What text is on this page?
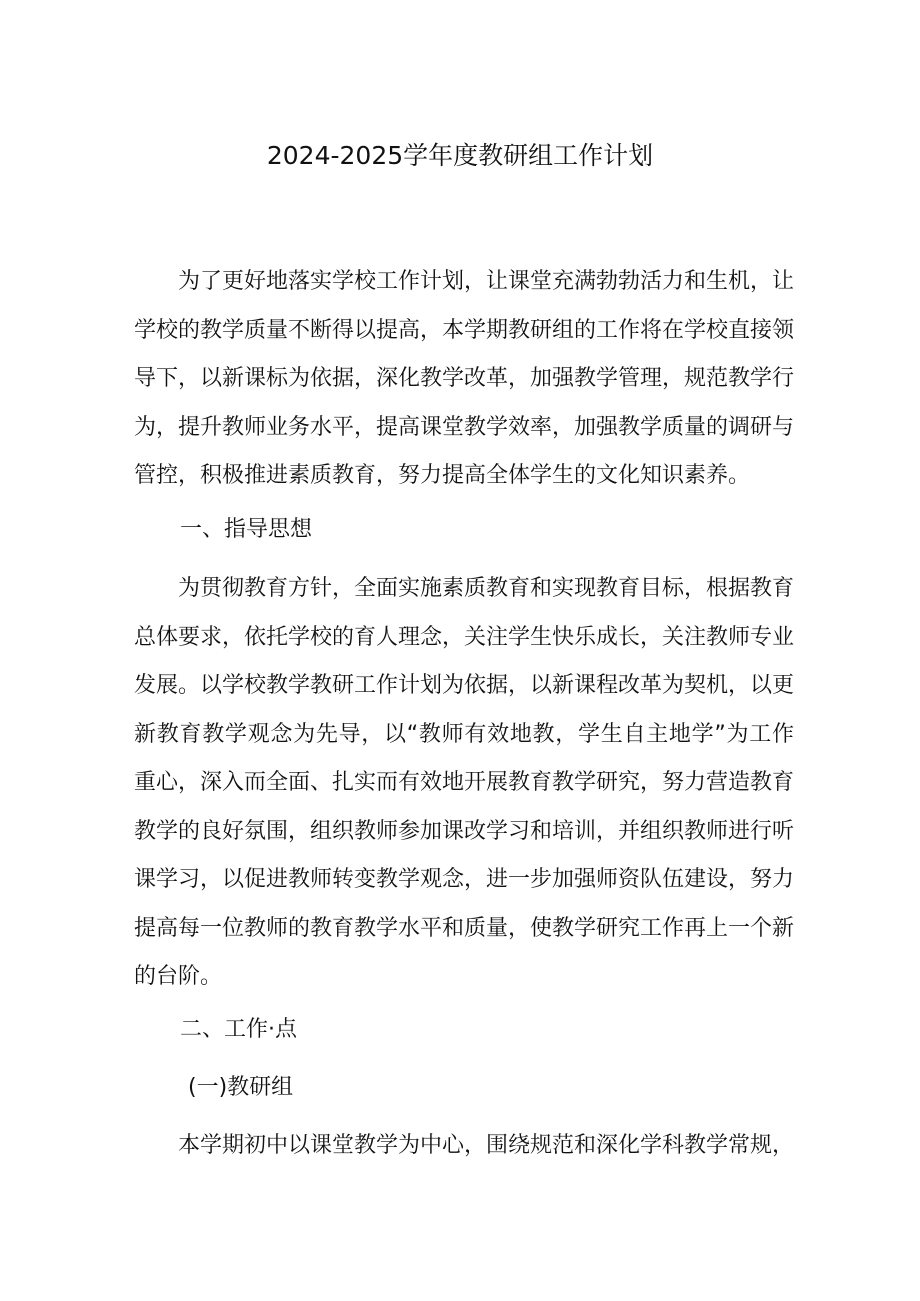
2024-2025学年度教研组工作计划

为了更好地落实学校工作计划，让课堂充满勃勃活力和生机，让学校的教学质量不断得以提高，本学期教研组的工作将在学校直接领导下，以新课标为依据，深化教学改革，加强教学管理，规范教学行为，提升教师业务水平，提高课堂教学效率，加强教学质量的调研与管控，积极推进素质教育，努力提高全体学生的文化知识素养。

一、指导思想

为贯彻教育方针，全面实施素质教育和实现教育目标，根据教育总体要求，依托学校的育人理念，关注学生快乐成长，关注教师专业发展。以学校教学教研工作计划为依据，以新课程改革为契机，以更新教育教学观念为先导，以“教师有效地教，学生自主地学”为工作重心，深入而全面、扎实而有效地开展教育教学研究，努力营造教育教学的良好氛围，组织教师参加课改学习和培训，并组织教师进行听课学习，以促进教师转变教学观念，进一步加强师资队伍建设，努力提高每一位教师的教育教学水平和质量，使教学研究工作再上一个新的台阶。

二、工作·点
(一)教研组

本学期初中以课堂教学为中心，围绕规范和深化学科教学常规，
